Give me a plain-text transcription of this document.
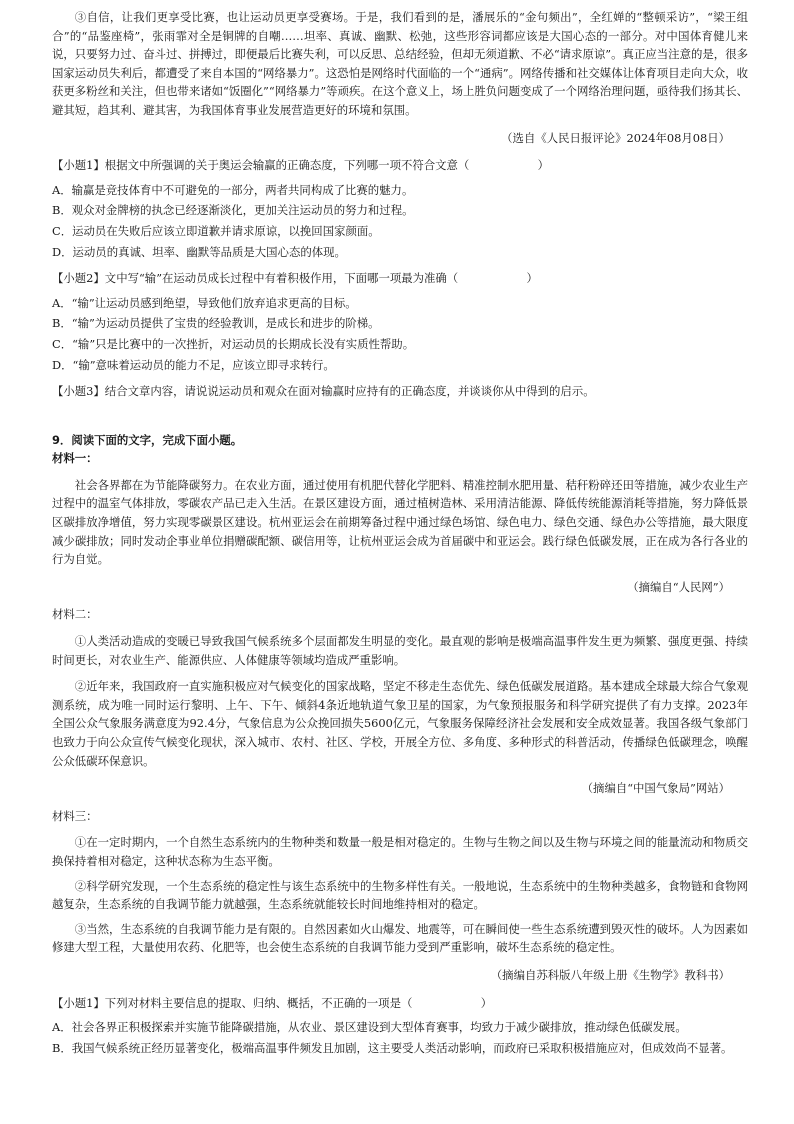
③自信，让我们更享受比赛，也让运动员更享受赛场。于是，我们看到的是，潘展乐的“金句频出”，全红婵的“整顿采访”，“梁王组合”的“品鉴座椅”，张雨霏对全是铜牌的自嘲……坦率、真诚、幽默、松弛，这些形容词都应该是大国心态的一部分。对中国体育健儿来说，只要努力过、奋斗过、拼搏过，即便最后比赛失利，可以反思、总结经验，但却无须道歉、不必“请求原谅”。真正应当注意的是，很多国家运动员失利后，都遭受了来自本国的“网络暴力”。这恐怕是网络时代面临的一个“通病”。网络传播和社交媒体让体育项目走向大众，收获更多粉丝和关注，但也带来诸如“饭圈化”“网络暴力”等顽疾。在这个意义上，场上胜负问题变成了一个网络治理问题，亟待我们扬其长、避其短，趋其利、避其害，为我国体育事业发展营造更好的环境和氛围。

（选自《人民日报评论》2024年08月08日）

【小题1】根据文中所强调的关于奥运会输赢的正确态度，下列哪一项不符合文意（　　　　　　）

A．输赢是竞技体育中不可避免的一部分，两者共同构成了比赛的魅力。

B．观众对金牌榜的执念已经逐渐淡化，更加关注运动员的努力和过程。

C．运动员在失败后应该立即道歉并请求原谅，以挽回国家颜面。

D．运动员的真诚、坦率、幽默等品质是大国心态的体现。

【小题2】文中写“输”在运动员成长过程中有着积极作用，下面哪一项最为准确（　　　　　　）

A．“输”让运动员感到绝望，导致他们放弃追求更高的目标。

B．“输”为运动员提供了宝贵的经验教训，是成长和进步的阶梯。

C．“输”只是比赛中的一次挫折，对运动员的长期成长没有实质性帮助。

D．“输”意味着运动员的能力不足，应该立即寻求转行。

【小题3】结合文章内容，请说说运动员和观众在面对输赢时应持有的正确态度，并谈谈你从中得到的启示。

9．阅读下面的文字，完成下面小题。

材料一：

社会各界都在为节能降碳努力。在农业方面，通过使用有机肥代替化学肥料、精准控制水肥用量、秸秆粉碎还田等措施，减少农业生产过程中的温室气体排放，零碳农产品已走入生活。在景区建设方面，通过植树造林、采用清洁能源、降低传统能源消耗等措施，努力降低景区碳排放净增值，努力实现零碳景区建设。杭州亚运会在前期筹备过程中通过绿色场馆、绿色电力、绿色交通、绿色办公等措施，最大限度减少碳排放；同时发动企事业单位捐赠碳配额、碳信用等，让杭州亚运会成为首届碳中和亚运会。践行绿色低碳发展，正在成为各行各业的行为自觉。

（摘编自“人民网”）

材料二：

①人类活动造成的变暖已导致我国气候系统多个层面都发生明显的变化。最直观的影响是极端高温事件发生更为频繁、强度更强、持续时间更长，对农业生产、能源供应、人体健康等领域均造成严重影响。

②近年来，我国政府一直实施积极应对气候变化的国家战略，坚定不移走生态优先、绿色低碳发展道路。基本建成全球最大综合气象观测系统，成为唯一同时运行黎明、上午、下午、倾斜4条近地轨道气象卫星的国家，为气象预报服务和科学研究提供了有力支撑。2023年全国公众气象服务满意度为92.4分，气象信息为公众挽回损失5600亿元，气象服务保障经济社会发展和安全成效显著。我国各级气象部门也致力于向公众宣传气候变化现状，深入城市、农村、社区、学校，开展全方位、多角度、多种形式的科普活动，传播绿色低碳理念，唤醒公众低碳环保意识。

（摘编自“中国气象局”网站）

材料三：

①在一定时期内，一个自然生态系统内的生物种类和数量一般是相对稳定的。生物与生物之间以及生物与环境之间的能量流动和物质交换保持着相对稳定，这种状态称为生态平衡。

②科学研究发现，一个生态系统的稳定性与该生态系统中的生物多样性有关。一般地说，生态系统中的生物种类越多，食物链和食物网越复杂，生态系统的自我调节能力就越强，生态系统就能较长时间地维持相对的稳定。

③当然，生态系统的自我调节能力是有限的。自然因素如火山爆发、地震等，可在瞬间使一些生态系统遭到毁灭性的破坏。人为因素如修建大型工程，大量使用农药、化肥等，也会使生态系统的自我调节能力受到严重影响，破坏生态系统的稳定性。

（摘编自苏科版八年级上册《生物学》教科书）

【小题1】下列对材料主要信息的提取、归纳、概括，不正确的一项是（　　　　　　）

A．社会各界正积极探索并实施节能降碳措施，从农业、景区建设到大型体育赛事，均致力于减少碳排放，推动绿色低碳发展。

B．我国气候系统正经历显著变化，极端高温事件频发且加剧，这主要受人类活动影响，而政府已采取积极措施应对，但成效尚不显著。
